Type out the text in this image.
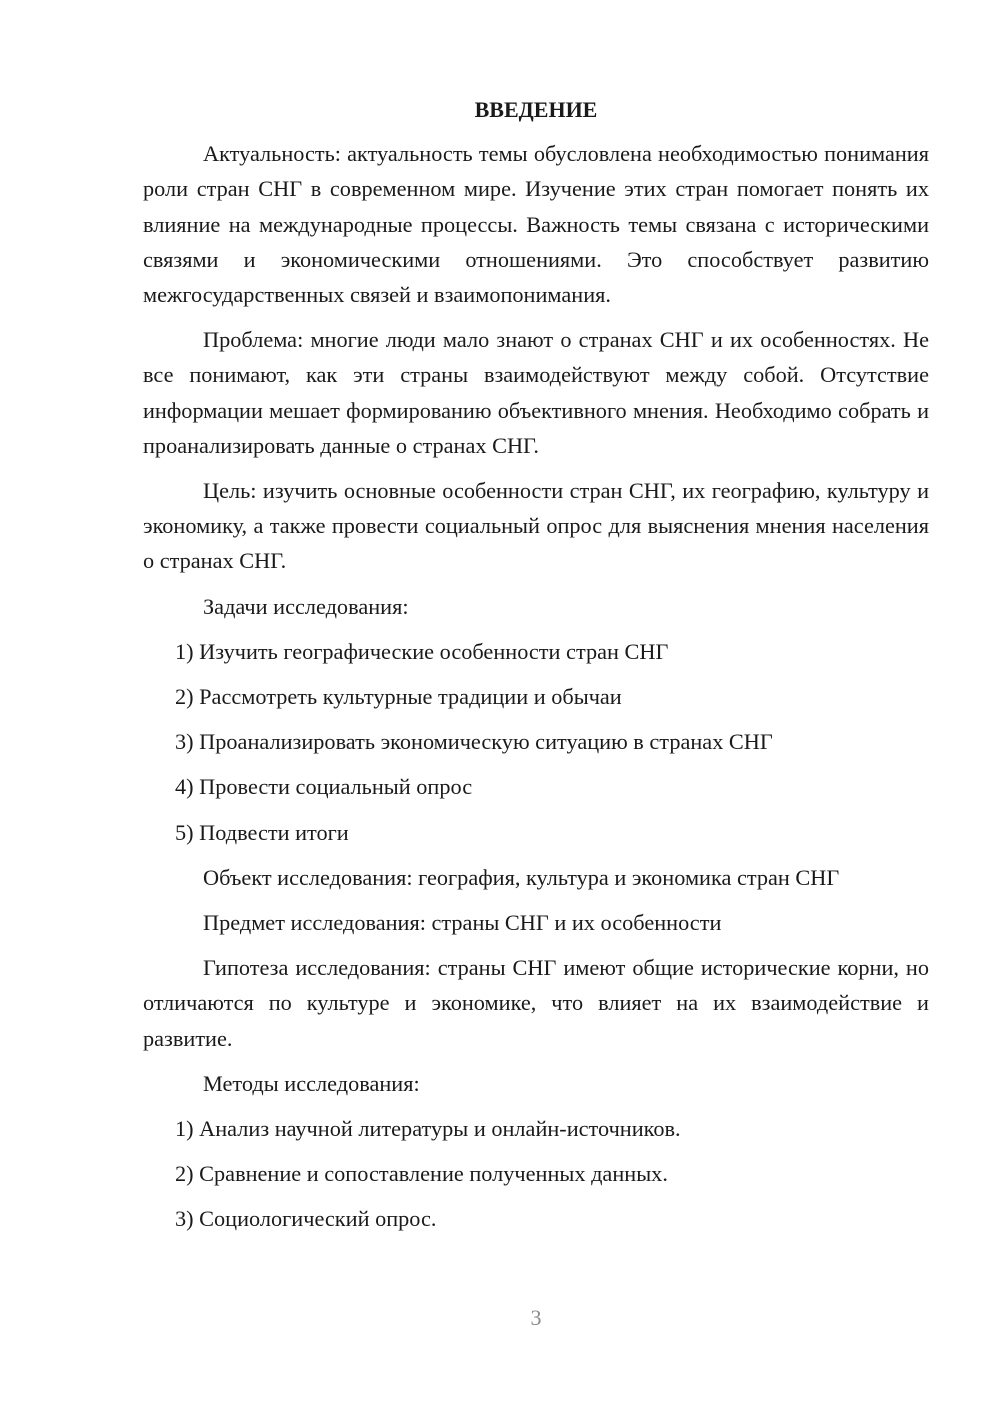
ВВЕДЕНИЕ

Актуальность: актуальность темы обусловлена необходимостью понимания роли стран СНГ в современном мире. Изучение этих стран помогает понять их влияние на международные процессы. Важность темы связана с историческими связями и экономическими отношениями. Это способствует развитию межгосударственных связей и взаимопонимания.

Проблема: многие люди мало знают о странах СНГ и их особенностях. Не все понимают, как эти страны взаимодействуют между собой. Отсутствие информации мешает формированию объективного мнения. Необходимо собрать и проанализировать данные о странах СНГ.

Цель: изучить основные особенности стран СНГ, их географию, культуру и экономику, а также провести социальный опрос для выяснения мнения населения о странах СНГ.

Задачи исследования:

1) Изучить географические особенности стран СНГ

2) Рассмотреть культурные традиции и обычаи

3) Проанализировать экономическую ситуацию в странах СНГ

4) Провести социальный опрос

5) Подвести итоги

Объект исследования: география, культура и экономика стран СНГ

Предмет исследования: страны СНГ и их особенности

Гипотеза исследования: страны СНГ имеют общие исторические корни, но отличаются по культуре и экономике, что влияет на их взаимодействие и развитие.

Методы исследования:

1) Анализ научной литературы и онлайн-источников.

2) Сравнение и сопоставление полученных данных.

3) Социологический опрос.

3
